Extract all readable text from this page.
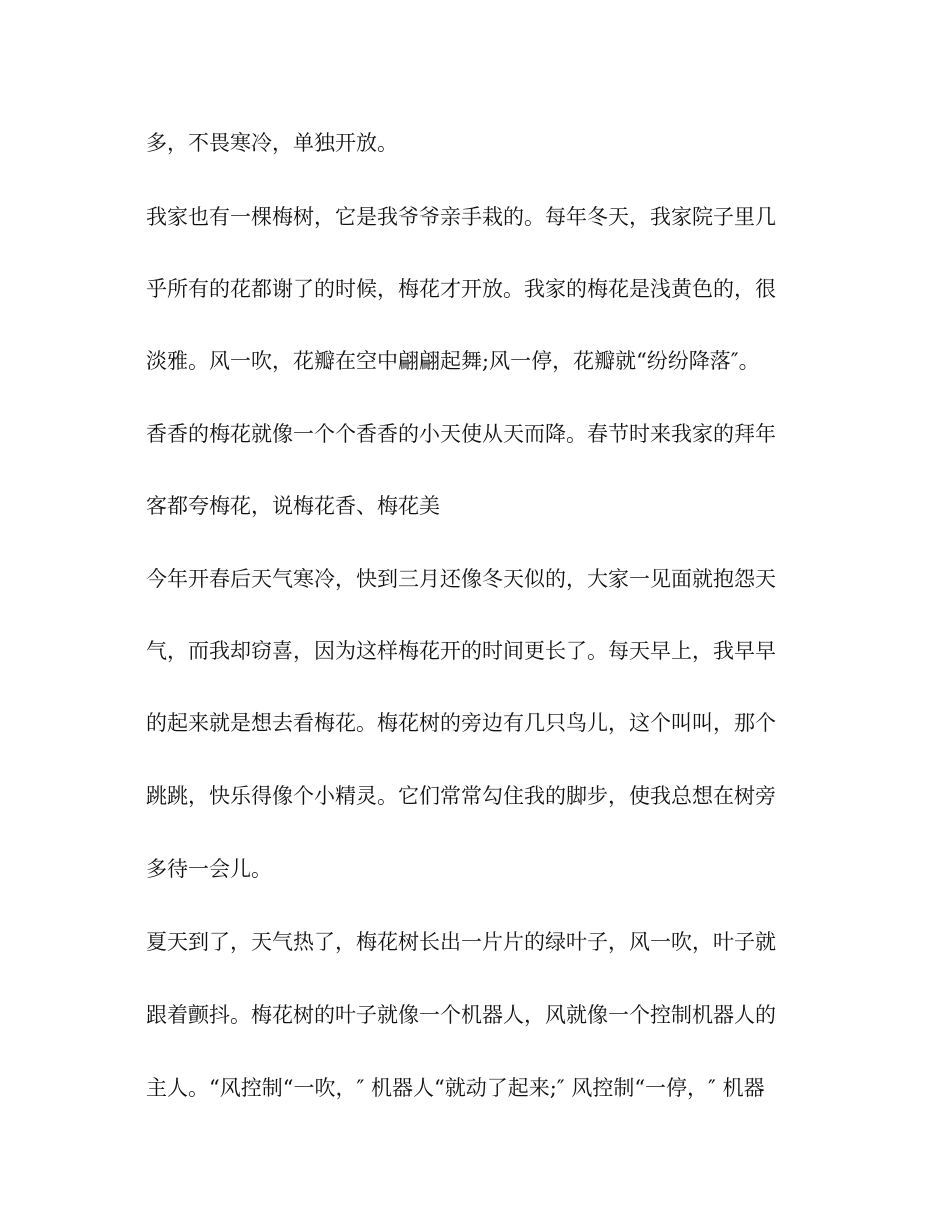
多，不畏寒冷，单独开放。

我家也有一棵梅树，它是我爷爷亲手栽的。每年冬天，我家院子里几

乎所有的花都谢了的时候，梅花才开放。我家的梅花是浅黄色的，很

淡雅。风一吹，花瓣在空中翩翩起舞;风一停，花瓣就“纷纷降落″。

香香的梅花就像一个个香香的小天使从天而降。春节时来我家的拜年

客都夸梅花，说梅花香、梅花美

今年开春后天气寒冷，快到三月还像冬天似的，大家一见面就抱怨天

气，而我却窃喜，因为这样梅花开的时间更长了。每天早上，我早早

的起来就是想去看梅花。梅花树的旁边有几只鸟儿，这个叫叫，那个

跳跳，快乐得像个小精灵。它们常常勾住我的脚步，使我总想在树旁

多待一会儿。

夏天到了，天气热了，梅花树长出一片片的绿叶子，风一吹，叶子就

跟着颤抖。梅花树的叶子就像一个机器人，风就像一个控制机器人的

主人。“风控制“一吹，″ 机器人“就动了起来;″ 风控制“一停，″ 机器
